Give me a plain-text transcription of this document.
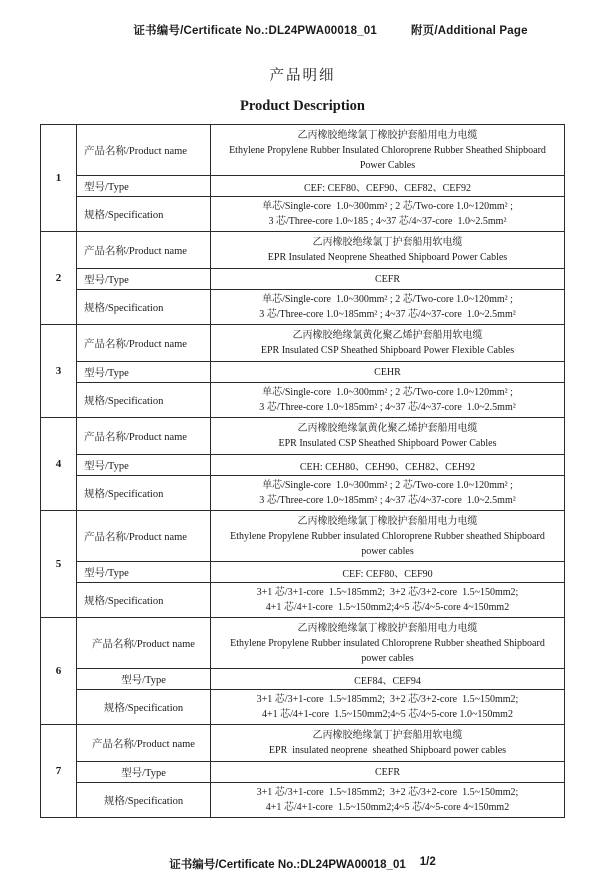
证书编号/Certificate No.:DL24PWA00018_01	附页/Additional Page
产品明细
Product Description
1	产品名称/Product name	乙丙橡胶绝缘氯丁橡胶护套船用电力电缆
Ethylene Propylene Rubber Insulated Chloroprene Rubber Sheathed Shipboard
Power Cables

	型号/Type	CEF: CEF80、CEF90、CEF82、CEF92
	规格/Specification	单芯/Single-core  1.0~300mm² ; 2 芯/Two-core 1.0~120mm² ;
3 芯/Three-core 1.0~185 ; 4~37 芯/4~37-core  1.0~2.5mm²

2	产品名称/Product name	乙丙橡胶绝缘氯丁护套船用软电缆
EPR Insulated Neoprene Sheathed Shipboard Power Cables

	型号/Type	CEFR
	规格/Specification	单芯/Single-core  1.0~300mm² ; 2 芯/Two-core 1.0~120mm² ;
3 芯/Three-core 1.0~185mm² ; 4~37 芯/4~37-core  1.0~2.5mm²

3	产品名称/Product name	乙丙橡胶绝缘氯黄化聚乙烯护套船用软电缆
EPR Insulated CSP Sheathed Shipboard Power Flexible Cables

	型号/Type	CEHR
	规格/Specification	单芯/Single-core  1.0~300mm² ; 2 芯/Two-core 1.0~120mm² ;
3 芯/Three-core 1.0~185mm² ; 4~37 芯/4~37-core  1.0~2.5mm²

4	产品名称/Product name	乙丙橡胶绝缘氯黄化聚乙烯护套船用电缆
EPR Insulated CSP Sheathed Shipboard Power Cables

	型号/Type	CEH: CEH80、CEH90、CEH82、CEH92
	规格/Specification	单芯/Single-core  1.0~300mm² ; 2 芯/Two-core 1.0~120mm² ;
3 芯/Three-core 1.0~185mm² ; 4~37 芯/4~37-core  1.0~2.5mm²

5	产品名称/Product name	乙丙橡胶绝缘氯丁橡胶护套船用电力电缆
Ethylene Propylene Rubber insulated Chloroprene Rubber sheathed Shipboard
power cables

	型号/Type	CEF: CEF80、CEF90
	规格/Specification	3+1 芯/3+1-core  1.5~185mm2;  3+2 芯/3+2-core  1.5~150mm2;
4+1 芯/4+1-core  1.5~150mm2;4~5 芯/4~5-core 4~150mm2

6	产品名称/Product name	乙丙橡胶绝缘氯丁橡胶护套船用电力电缆
Ethylene Propylene Rubber insulated Chloroprene Rubber sheathed Shipboard
power cables

	型号/Type	CEF84、CEF94
	规格/Specification	3+1 芯/3+1-core  1.5~185mm2;  3+2 芯/3+2-core  1.5~150mm2;
4+1 芯/4+1-core  1.5~150mm2;4~5 芯/4~5-core 1.0~150mm2

7	产品名称/Product name	乙丙橡胶绝缘氯丁护套船用软电缆
EPR  insulated neoprene  sheathed Shipboard power cables

	型号/Type	CEFR
	规格/Specification	3+1 芯/3+1-core  1.5~185mm2;  3+2 芯/3+2-core  1.5~150mm2;
4+1 芯/4+1-core  1.5~150mm2;4~5 芯/4~5-core 4~150mm2
证书编号/Certificate No.:DL24PWA00018_01 1/2
